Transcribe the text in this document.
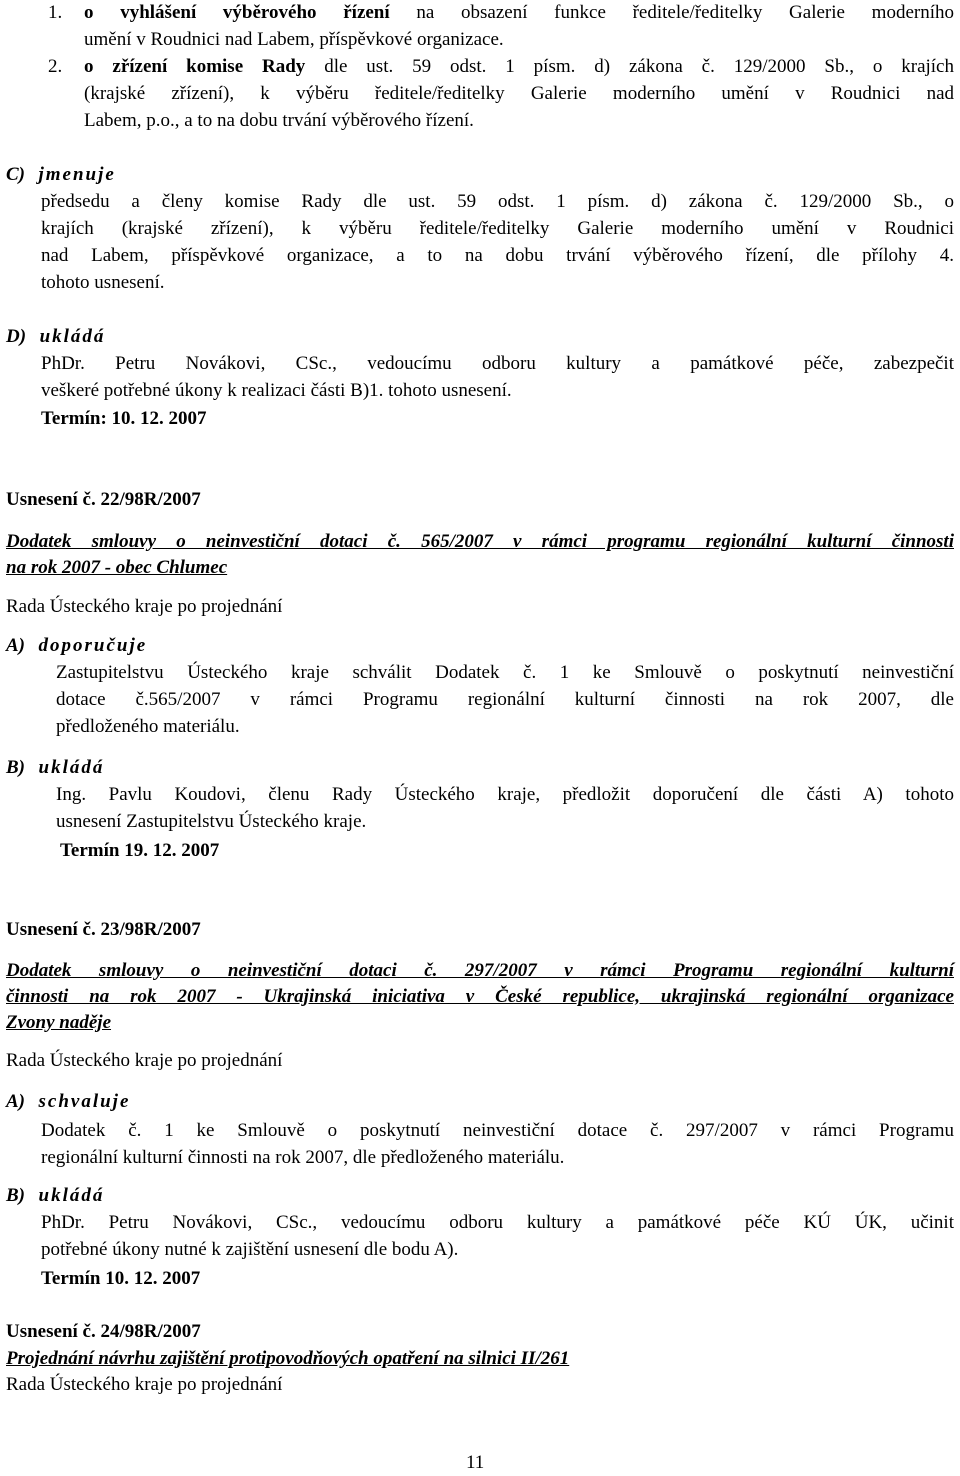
1. o vyhlášení výběrového řízení na obsazení funkce ředitele/ředitelky Galerie moderního
umění v Roudnici nad Labem, příspěvkové organizace.
2. o zřízení komise Rady dle ust. 59 odst. 1 písm. d) zákona č. 129/2000 Sb., o krajích
(krajské zřízení), k výběru ředitele/ředitelky Galerie moderního umění v Roudnici nad
Labem, p.o., a to na dobu trvání výběrového řízení.
C) jmenuje
předsedu a členy komise Rady dle ust. 59 odst. 1 písm. d) zákona č. 129/2000 Sb., o
krajích (krajské zřízení), k výběru ředitele/ředitelky Galerie moderního umění v Roudnici
nad Labem, příspěvkové organizace, a to na dobu trvání výběrového řízení, dle přílohy 4.
tohoto usnesení.
D) ukládá
PhDr. Petru Novákovi, CSc., vedoucímu odboru kultury a památkové péče, zabezpečit
veškeré potřebné úkony k realizaci části B)1. tohoto usnesení.
Termín: 10. 12. 2007
Usnesení č. 22/98R/2007
Dodatek smlouvy o neinvestiční dotaci č. 565/2007 v rámci programu regionální kulturní činnosti
na rok 2007 - obec Chlumec
Rada Ústeckého kraje po projednání
A) doporučuje
Zastupitelstvu Ústeckého kraje schválit Dodatek č. 1 ke Smlouvě o poskytnutí neinvestiční
dotace č.565/2007 v rámci Programu regionální kulturní činnosti na rok 2007, dle
předloženého materiálu.
B) ukládá
Ing. Pavlu Koudovi, členu Rady Ústeckého kraje, předložit doporučení dle části A) tohoto
usnesení Zastupitelstvu Ústeckého kraje.
Termín 19. 12. 2007
Usnesení č. 23/98R/2007
Dodatek smlouvy o neinvestiční dotaci č. 297/2007 v rámci Programu regionální kulturní
činnosti na rok 2007 - Ukrajinská iniciativa v České republice, ukrajinská regionální organizace
Zvony naděje
Rada Ústeckého kraje po projednání
A) schvaluje
Dodatek č. 1 ke Smlouvě o poskytnutí neinvestiční dotace č. 297/2007 v rámci Programu
regionální kulturní činnosti na rok 2007, dle předloženého materiálu.
B) ukládá
PhDr. Petru Novákovi, CSc., vedoucímu odboru kultury a památkové péče KÚ ÚK, učinit
potřebné úkony nutné k zajištění usnesení dle bodu A).
Termín 10. 12. 2007
Usnesení č. 24/98R/2007
Projednání návrhu zajištění protipovodňových opatření na silnici II/261
Rada Ústeckého kraje po projednání
11
